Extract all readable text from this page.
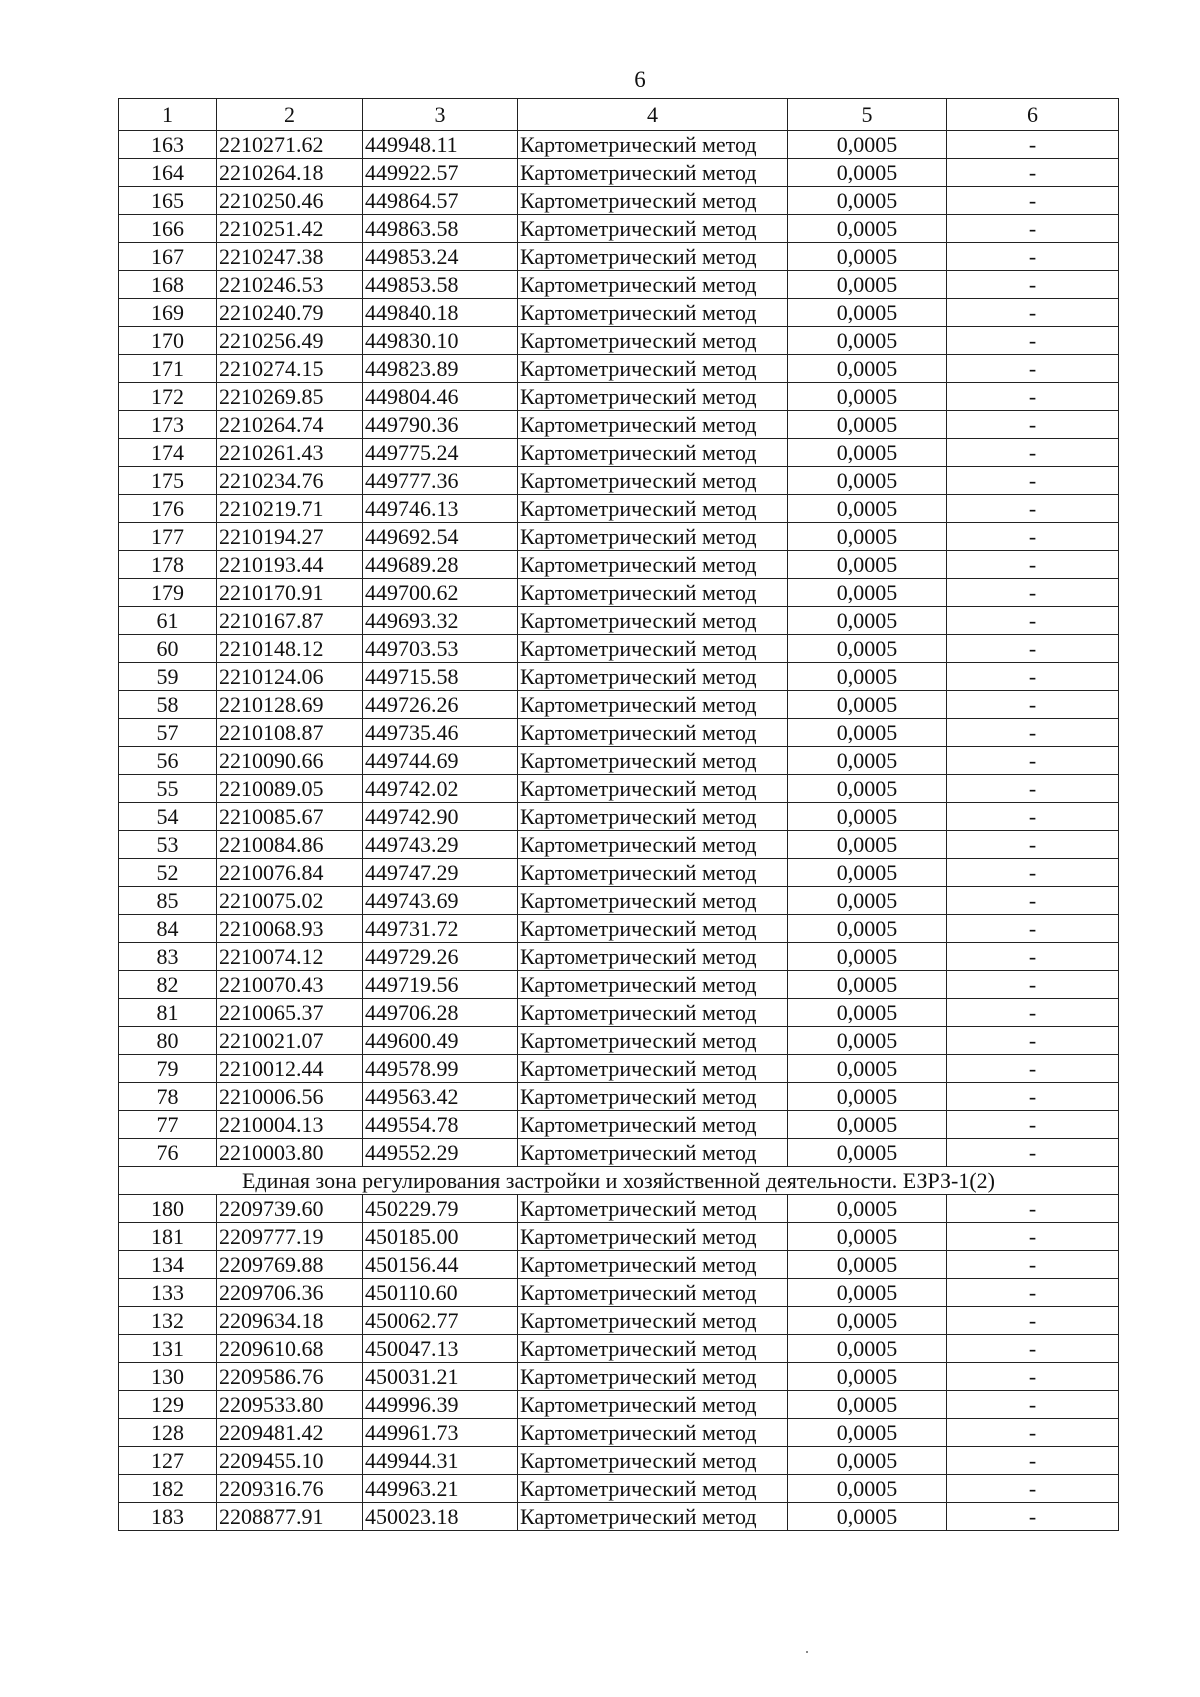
6
1	2	3	4	5	6
163	2210271.62	449948.11	Картометрический метод	0,0005	-
164	2210264.18	449922.57	Картометрический метод	0,0005	-
165	2210250.46	449864.57	Картометрический метод	0,0005	-
166	2210251.42	449863.58	Картометрический метод	0,0005	-
167	2210247.38	449853.24	Картометрический метод	0,0005	-
168	2210246.53	449853.58	Картометрический метод	0,0005	-
169	2210240.79	449840.18	Картометрический метод	0,0005	-
170	2210256.49	449830.10	Картометрический метод	0,0005	-
171	2210274.15	449823.89	Картометрический метод	0,0005	-
172	2210269.85	449804.46	Картометрический метод	0,0005	-
173	2210264.74	449790.36	Картометрический метод	0,0005	-
174	2210261.43	449775.24	Картометрический метод	0,0005	-
175	2210234.76	449777.36	Картометрический метод	0,0005	-
176	2210219.71	449746.13	Картометрический метод	0,0005	-
177	2210194.27	449692.54	Картометрический метод	0,0005	-
178	2210193.44	449689.28	Картометрический метод	0,0005	-
179	2210170.91	449700.62	Картометрический метод	0,0005	-
61	2210167.87	449693.32	Картометрический метод	0,0005	-
60	2210148.12	449703.53	Картометрический метод	0,0005	-
59	2210124.06	449715.58	Картометрический метод	0,0005	-
58	2210128.69	449726.26	Картометрический метод	0,0005	-
57	2210108.87	449735.46	Картометрический метод	0,0005	-
56	2210090.66	449744.69	Картометрический метод	0,0005	-
55	2210089.05	449742.02	Картометрический метод	0,0005	-
54	2210085.67	449742.90	Картометрический метод	0,0005	-
53	2210084.86	449743.29	Картометрический метод	0,0005	-
52	2210076.84	449747.29	Картометрический метод	0,0005	-
85	2210075.02	449743.69	Картометрический метод	0,0005	-
84	2210068.93	449731.72	Картометрический метод	0,0005	-
83	2210074.12	449729.26	Картометрический метод	0,0005	-
82	2210070.43	449719.56	Картометрический метод	0,0005	-
81	2210065.37	449706.28	Картометрический метод	0,0005	-
80	2210021.07	449600.49	Картометрический метод	0,0005	-
79	2210012.44	449578.99	Картометрический метод	0,0005	-
78	2210006.56	449563.42	Картометрический метод	0,0005	-
77	2210004.13	449554.78	Картометрический метод	0,0005	-
76	2210003.80	449552.29	Картометрический метод	0,0005	-
Единая зона регулирования застройки и хозяйственной деятельности. ЕЗРЗ-1(2)					
180	2209739.60	450229.79	Картометрический метод	0,0005	-
181	2209777.19	450185.00	Картометрический метод	0,0005	-
134	2209769.88	450156.44	Картометрический метод	0,0005	-
133	2209706.36	450110.60	Картометрический метод	0,0005	-
132	2209634.18	450062.77	Картометрический метод	0,0005	-
131	2209610.68	450047.13	Картометрический метод	0,0005	-
130	2209586.76	450031.21	Картометрический метод	0,0005	-
129	2209533.80	449996.39	Картометрический метод	0,0005	-
128	2209481.42	449961.73	Картометрический метод	0,0005	-
127	2209455.10	449944.31	Картометрический метод	0,0005	-
182	2209316.76	449963.21	Картометрический метод	0,0005	-
183	2208877.91	450023.18	Картометрический метод	0,0005	-
